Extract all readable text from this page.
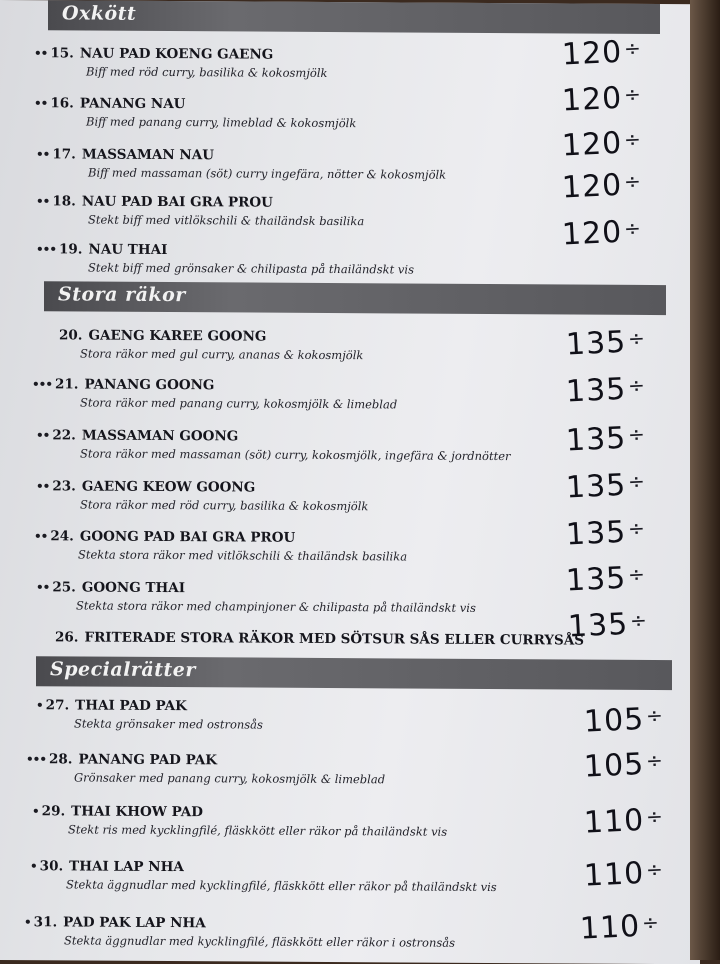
Oxkött
•• 15. NAU PAD KOENG GAENG
Biff med röd curry, basilika & kokosmjölk	120÷
•• 16. PANANG NAU
Biff med panang curry, limeblad & kokosmjölk
120÷
•• 17. MASSAMAN NAU
Biff med massaman (söt) curry ingefära, nötter & kokosmjölk
120÷
•• 18. NAU PAD BAI GRA PROU
Stekt biff med vitlökschili & thailändsk basilika
120÷
••• 19. NAU THAI
Stekt biff med grönsaker & chilipasta på thailändskt vis
120÷
Stora räkor
20. GAENG KAREE GOONG
Stora räkor med gul curry, ananas & kokosmjölk	135÷
••• 21. PANANG GOONG
Stora räkor med panang curry, kokosmjölk & limeblad	135÷
•• 22. MASSAMAN GOONG
Stora räkor med massaman (söt) curry, kokosmjölk, ingefära & jordnötter 135÷
•• 23. GAENG KEOW GOONG
Stora räkor med röd curry, basilika & kokosmjölk	135÷
•• 24. GOONG PAD BAI GRA PROU
Stekta stora räkor med vitlökschili & thailändsk basilika
135÷
•• 25. GOONG THAI
Stekta stora räkor med champinjoner & chilipasta på thailändskt vis
135÷
26. FRITERADE STORA RÄKOR MED SÖTSUR SÅS ELLER CURRYSÅS
135÷
Specialrätter
• 27. THAI PAD PAK
Stekta grönsaker med ostronsås	105÷
••• 28. PANANG PAD PAK
Grönsaker med panang curry, kokosmjölk & limeblad	105÷
• 29. THAI KHOW PAD
Stekt ris med kycklingfilé, fläskkött eller räkor på thailändskt vis	110÷
• 30. THAI LAP NHA
Stekta äggnudlar med kycklingfilé, fläskkött eller räkor på thailändskt vis	110÷
• 31. PAD PAK LAP NHA
Stekta äggnudlar med kycklingfilé, fläskkött eller räkor i ostronsås	110÷
